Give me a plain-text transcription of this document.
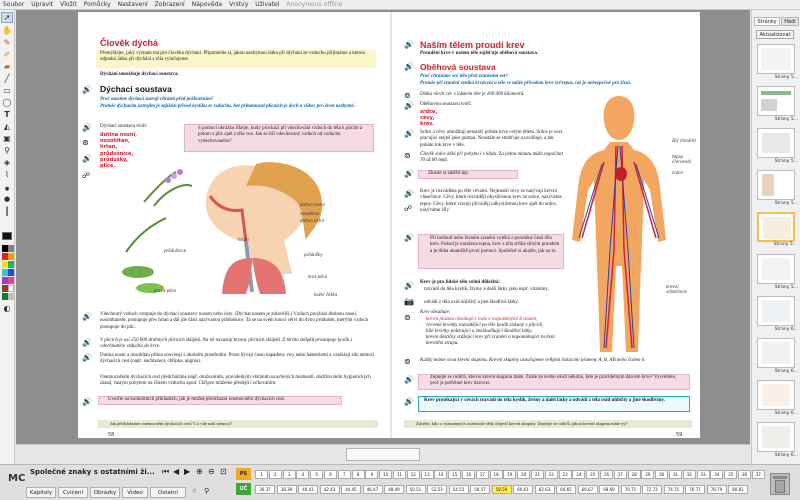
Soubor Upravit Vložit Pomůcky Nastavení Zobrazení Nápověda Vrstvy Uživatel Anonymous offline
➚
✋
✎
✐
▰
╱
▭
◯
T
◭
▣
⚲
◈
⌇
●
●
┃
◐
Člověk dýchá
Přemýšlejte, jaký význam má pro člověka dýchání. Připomeňte si, jakou nezbytnou látku při dýchání ze vzduchu přijímáme a kterou odpadní látku při dýchání z těla vylučujeme.
Dýchání umožňuje dýchací soustava.
🔊 Dýchací soustava
Proč musíme dýchací ústrojí chránit před poškozením?
Protože dýchacím ústrojím je zajištěn přívod kyslíku ze vzduchu, bez přítomnosti plícních je dech a vůbec pro život nezbytné.
🔊
⊛
🔊
☍
Dýchací soustava tvoří:
dutina nosní,
nosohltan,
hrtan,
průdušnice,
průdušky,
plíce.
S pomocí obrázku říkejte, kudy prochází při vdechování vzduch do těla k plicím a potom z plic zpět z těla ven. Jak se liší vdechovaný vzduch od vzduchu vydechovaného?
dutina nosní
nosohltan
dutina ústní
hrtan
průdušnice
průdušky
levá plíce
pravá plíce
kožní čéška
🔊 Vdechnutý vzduch vstupuje do dýchací soustavy nosem nebo ústy. (Dýchat nosem je zdravější.) Vzduch prochází dutinou nosní, nosohltanem, postupuje přes hrtan a dál jde části nazývanou průdušnice. Ta se na svém konci větví do dvou průdušek, kterými vzduch postupuje do plic.
🔊 V plicích je asi 250 000 drobných plicních sklípků. Na ně navazují hrozny plicních sklípků. Z těchto sklípků prostupuje kyslík z vdechnutého vzduchu do krve.
🔊 Dutina nosní a nosohltan přímo souvisejí s okolním prostředím. Proto bývají často napadeny viry nebo bakteriemi a vzniklají zde nemoci dýchacích cest (např. nachlazení, chřipka, angína).
Onemocněním dýchacích cest předcházíme např. otužováním, pravidelným větráním uzavřených místností, dodržováním hygienických zásad, častým pobytem na čistém vzduchu apod. Chřipce můžeme předejít i očkováním.
🔊	Uveďte na konkrétních příkladech, jak je možné předcházet onemocnění dýchacích cest.
Jak předcházíme onemocnění dýchacích cest? Co víte naší nemoci?
58
🔊 Naším tělem proudí krev
Proudění krve v našem těle zajišťuje oběhová soustava.
🔊 Oběhová soustava
Proč chráníme své tělo před zraněním ost?
Protože při zranění vzniká krvácení a tělo se může přívodem krve vyčerpat, což je nebezpečné pro život.
⊚ Délka všech cév v lidském těle je 100 000 kilometrů.
🔊 Oběhovou soustavu tvoří:
srdce,
cévy,
krev.
🔊 Srdce a cévy umožňují neustálý průtok krve celým tělem. Srdce je sval pracující stejně jako pumpa. Neustále se smršťuje a uvolňuje, a tak pohání tok krve v těle.
⊚ Člověk srdce dělá při pohybu i v klidu. Za jednu minutu může napočítat 70 až 80 tepů.
🔊	Zkuste si změřit tep.
🔊
☍
Krev je rozváděna po těle cévami. Nejmenší cévy se nazývají krevní vlásečnice. Cévy, které rozvádějí okysličenou krev ze srdce, nazýváme tepny. Cévy, které vracejí přivádějí odkysličenou krev zpět do srdce, nazýváme žíly.
🔊	Při bodnutí nebo řezném zranění vytéká z poraněné části těla krev. Pokud je naražena tepna, krev z těla stříká silným proudem a je třeba okamžitě první pomoci. Společně si ukažte, jak na to.
žíly (modré)
tepny (červené)
srdce
krevní vlásečnice
🔊 Krev je pro lidské tělo velmi důležitá:
📷
rozvádí do těla kyslík, živiny a další látky jako např. vitaminy,
odvádí z těla oxid uhličitý a jiné škodlivé látky.
⊚
Krev obsahuje:
krevní plazmu obsahující vodu s rozpuštěnými živinami,
červené krvinky rozvádějící po těle kyslík získaný v plicích,
bílé krvinky pohlcující a zneškodňující škodlivé látky,
krevní destičky srážející krev při zranění a napomáhající tvoření krevního strupu.
⊚ Každý máme svou krevní skupinu. Krevní skupiny označujeme velkými tiskacími písmeny A, B, AB nebo číslem 0.
🔊	Zeptejte se rodičů, kterou krevní skupinu máte. Znáte ze svého okolí někoho, kdo je pravidelným dárcem krve? Vysvětlete, proč je potřebné krev darovat.
🔊 Krev protékající v cévách rozvádí do těla kyslík, živiny a další látky a odvádí z těla oxid uhličitý a jiné škodliviny.
Zjistěte, kdo z významných osobností vědy objevil krevní skupiny. Zeptejte se rodičů, jakou krevní skupinu máte vy?
59
Stránky	Hádi
Aktualizovat
Strany 5...
Strany 5...
Strany 5...
Strany 5...
Strany 5...
Strany 5...
Strany 6...
Strany 6...
Strany 6...
Strany 6...
MC
Společné znaky s ostatními ži... ⏮ ◀ ▶ ⊕ ⊖ ⊡	PS
UČ
Kapitoly	Cvičení	Obrázky	Video	Ostatní	☝ ⚲
1	2	3	4	5	6	7	8	9	10	11	12	13	14	15	16	17	18	19	20	21	22	23	24	25	26	27	28	29	30	31	32	33	34	35	36	37
36.37	38.39	40.41	42.43	44.45	46.47	48.49	50.51	52.53	54.55	56.57	58.59	60.61	62.63	64.65	66.67	68.69	70.71	72.73	74.75	76.77	78.79	80.81
